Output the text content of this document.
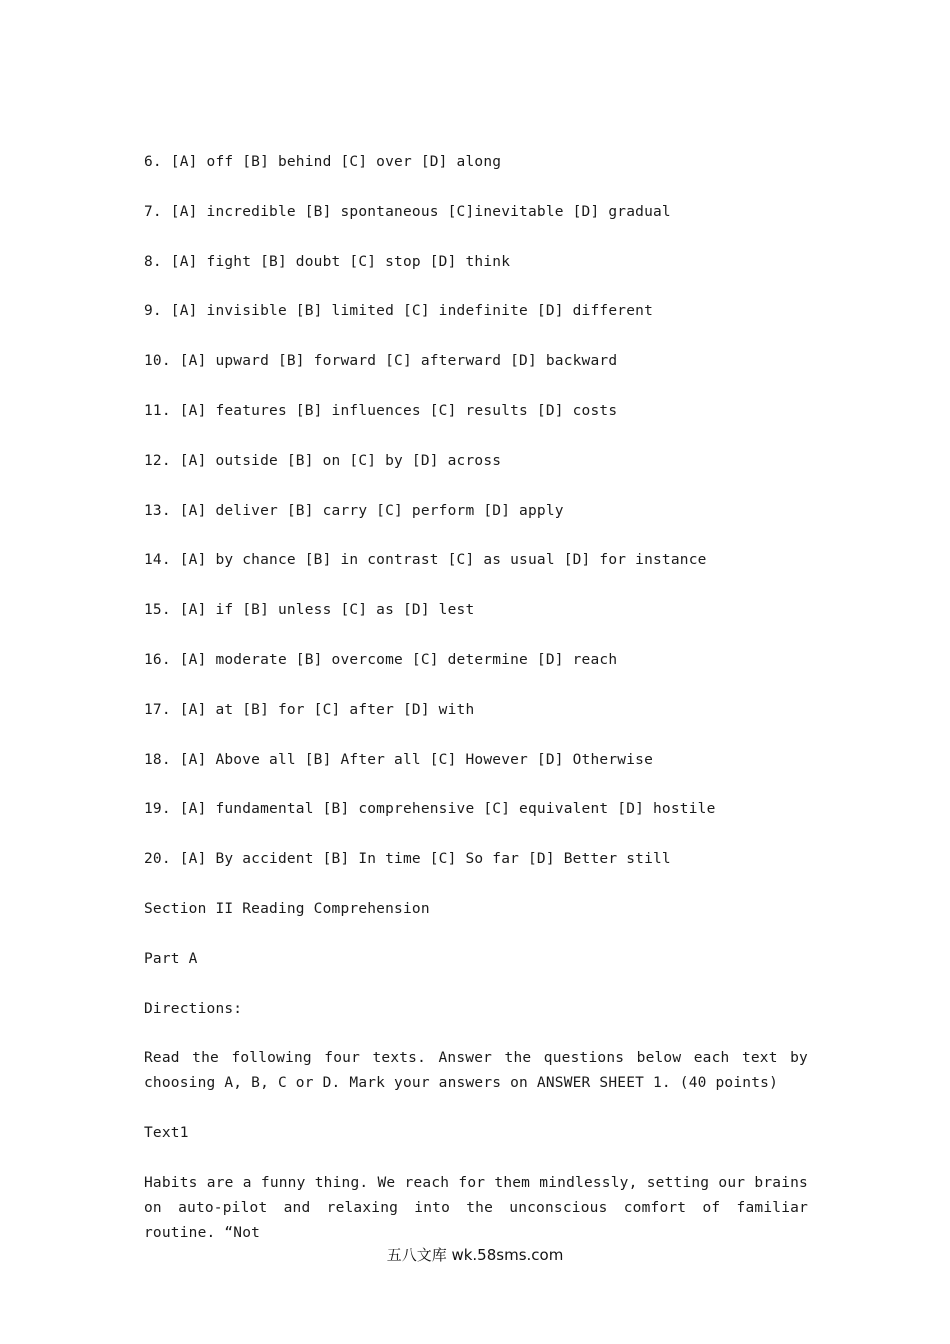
6. [A] off [B] behind [C] over [D] along
7. [A] incredible [B] spontaneous [C]inevitable [D] gradual
8. [A] fight [B] doubt [C] stop [D] think
9. [A] invisible [B] limited [C] indefinite [D] different
10. [A] upward [B] forward [C] afterward [D] backward
11. [A] features [B] influences [C] results [D] costs
12. [A] outside [B] on [C] by [D] across
13. [A] deliver [B] carry [C] perform [D] apply
14. [A] by chance [B] in contrast [C] as usual [D] for instance
15. [A] if [B] unless [C] as [D] lest
16. [A] moderate [B] overcome [C] determine [D] reach
17. [A] at [B] for [C] after [D] with
18. [A] Above all [B] After all [C] However [D] Otherwise
19. [A] fundamental [B] comprehensive [C] equivalent [D] hostile
20. [A] By accident [B] In time [C] So far [D] Better still
Section II Reading Comprehension
Part A
Directions:
Read the following four texts. Answer the questions below each text by choosing A, B, C or D. Mark your answers on ANSWER SHEET 1. (40 points)
Text1
Habits are a funny thing. We reach for them mindlessly, setting our brains on auto-pilot and relaxing into the unconscious comfort of familiar routine. “Not
五八文库 wk.58sms.com
